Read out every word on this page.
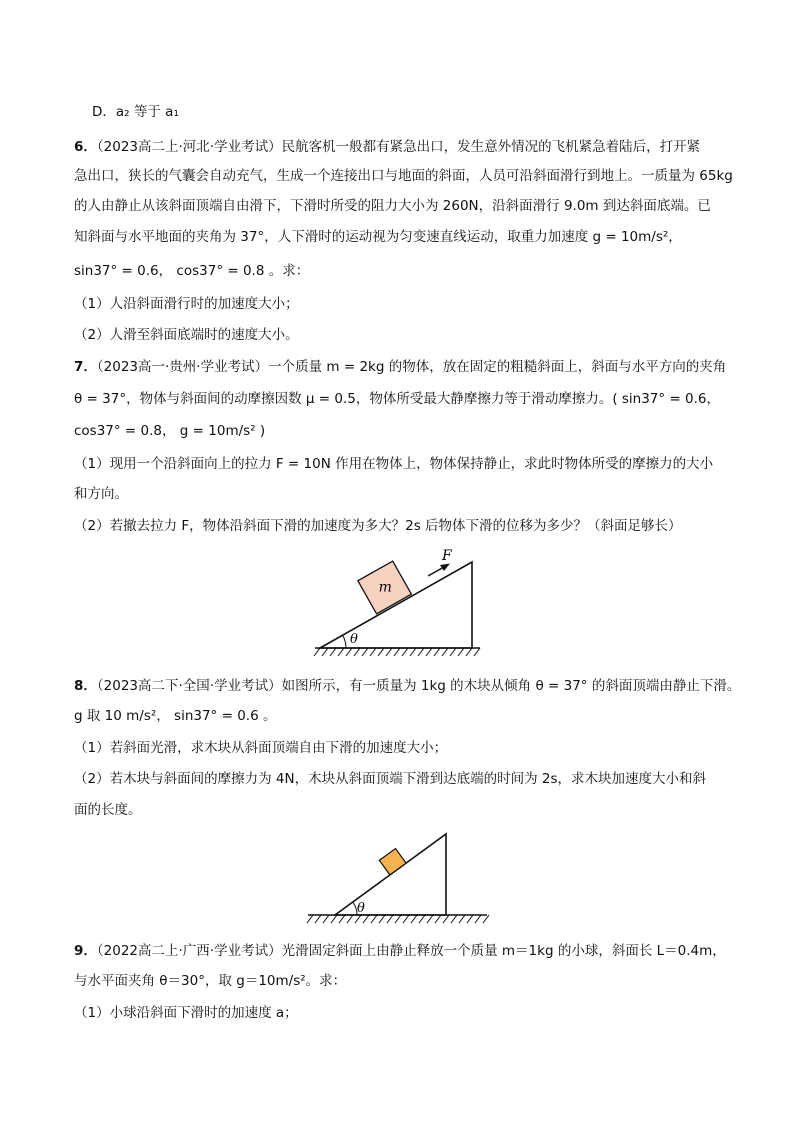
D．a₂ 等于 a₁
6．（2023高二上·河北·学业考试）民航客机一般都有紧急出口，发生意外情况的飞机紧急着陆后，打开紧
急出口，狭长的气囊会自动充气，生成一个连接出口与地面的斜面，人员可沿斜面滑行到地上。一质量为 65kg
的人由静止从该斜面顶端自由滑下，下滑时所受的阻力大小为 260N，沿斜面滑行 9.0m 到达斜面底端。已
知斜面与水平地面的夹角为 37°，人下滑时的运动视为匀变速直线运动，取重力加速度 g = 10m/s²，
sin37° = 0.6， cos37° = 0.8 。求：
（1）人沿斜面滑行时的加速度大小；
（2）人滑至斜面底端时的速度大小。
7．（2023高一·贵州·学业考试）一个质量 m = 2kg 的物体，放在固定的粗糙斜面上，斜面与水平方向的夹角
θ = 37°，物体与斜面间的动摩擦因数 μ = 0.5，物体所受最大静摩擦力等于滑动摩擦力。( sin37° = 0.6，
cos37° = 0.8， g = 10m/s² )
（1）现用一个沿斜面向上的拉力 F = 10N 作用在物体上，物体保持静止，求此时物体所受的摩擦力的大小
和方向。
（2）若撤去拉力 F，物体沿斜面下滑的加速度为多大？2s 后物体下滑的位移为多少？（斜面足够长）
θ
m
F
8．（2023高二下·全国·学业考试）如图所示，有一质量为 1kg 的木块从倾角 θ = 37° 的斜面顶端由静止下滑。
g 取 10 m/s²， sin37° = 0.6 。
（1）若斜面光滑，求木块从斜面顶端自由下滑的加速度大小；
（2）若木块与斜面间的摩擦力为 4N，木块从斜面顶端下滑到达底端的时间为 2s，求木块加速度大小和斜
面的长度。
θ
9．（2022高二上·广西·学业考试）光滑固定斜面上由静止释放一个质量 m＝1kg 的小球，斜面长 L＝0.4m，
与水平面夹角 θ＝30°，取 g＝10m/s²。求：
（1）小球沿斜面下滑时的加速度 a；
